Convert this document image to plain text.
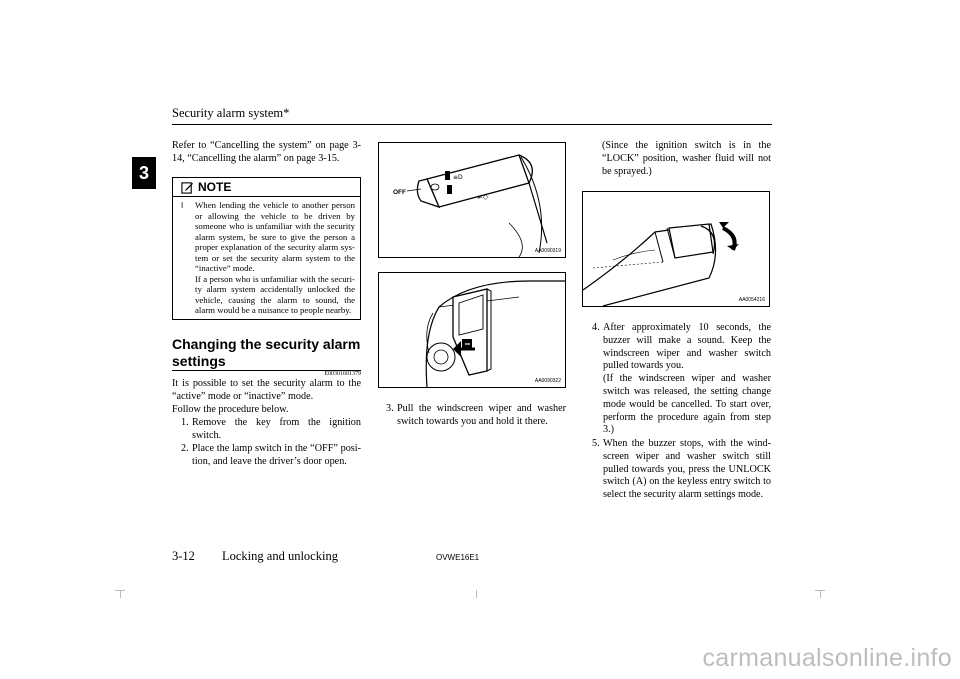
Security alarm system*
3

Refer to “Cancelling the system” on page 3-14, “Cancelling the alarm” on page 3-15.

NOTE
l When lending the vehicle to another person or allowing the vehicle to be driven by someone who is unfamiliar with the security alarm system, be sure to give the person a proper explanation of the security alarm sys-tem or set the security alarm system to the “inactive” mode.

If a person who is unfamiliar with the securi-ty alarm system accidentally unlocked the vehicle, causing the alarm to sound, the alarm would be a nuisance to people nearby.

Changing the security alarm settings
E00301601379

It is possible to set the security alarm to the “active” mode or “inactive” mode.

Follow the procedure below.

1. Remove the key from the ignition switch.
2. Place the lamp switch in the “OFF” posi-tion, and leave the driver’s door open.
≡D
≠◇
OFF
AA0090319
AA0090322
3. Pull the windscreen wiper and washer switch towards you and hold it there.

(Since the ignition switch is in the “LOCK” position, washer fluid will not be sprayed.)

AA0054216
4. After approximately 10 seconds, the buzzer will make a sound. Keep the windscreen wiper and washer switch pulled towards you.
(If the windscreen wiper and washer switch was released, the setting change mode would be cancelled. To start over, perform the procedure again from step 3.)
5. When the buzzer stops, with the wind-screen wiper and washer switch still pulled towards you, press the UNLOCK switch (A) on the keyless entry switch to select the security alarm settings mode.
3-12 Locking and unlocking	OVWE16E1
carmanualsonline.info
